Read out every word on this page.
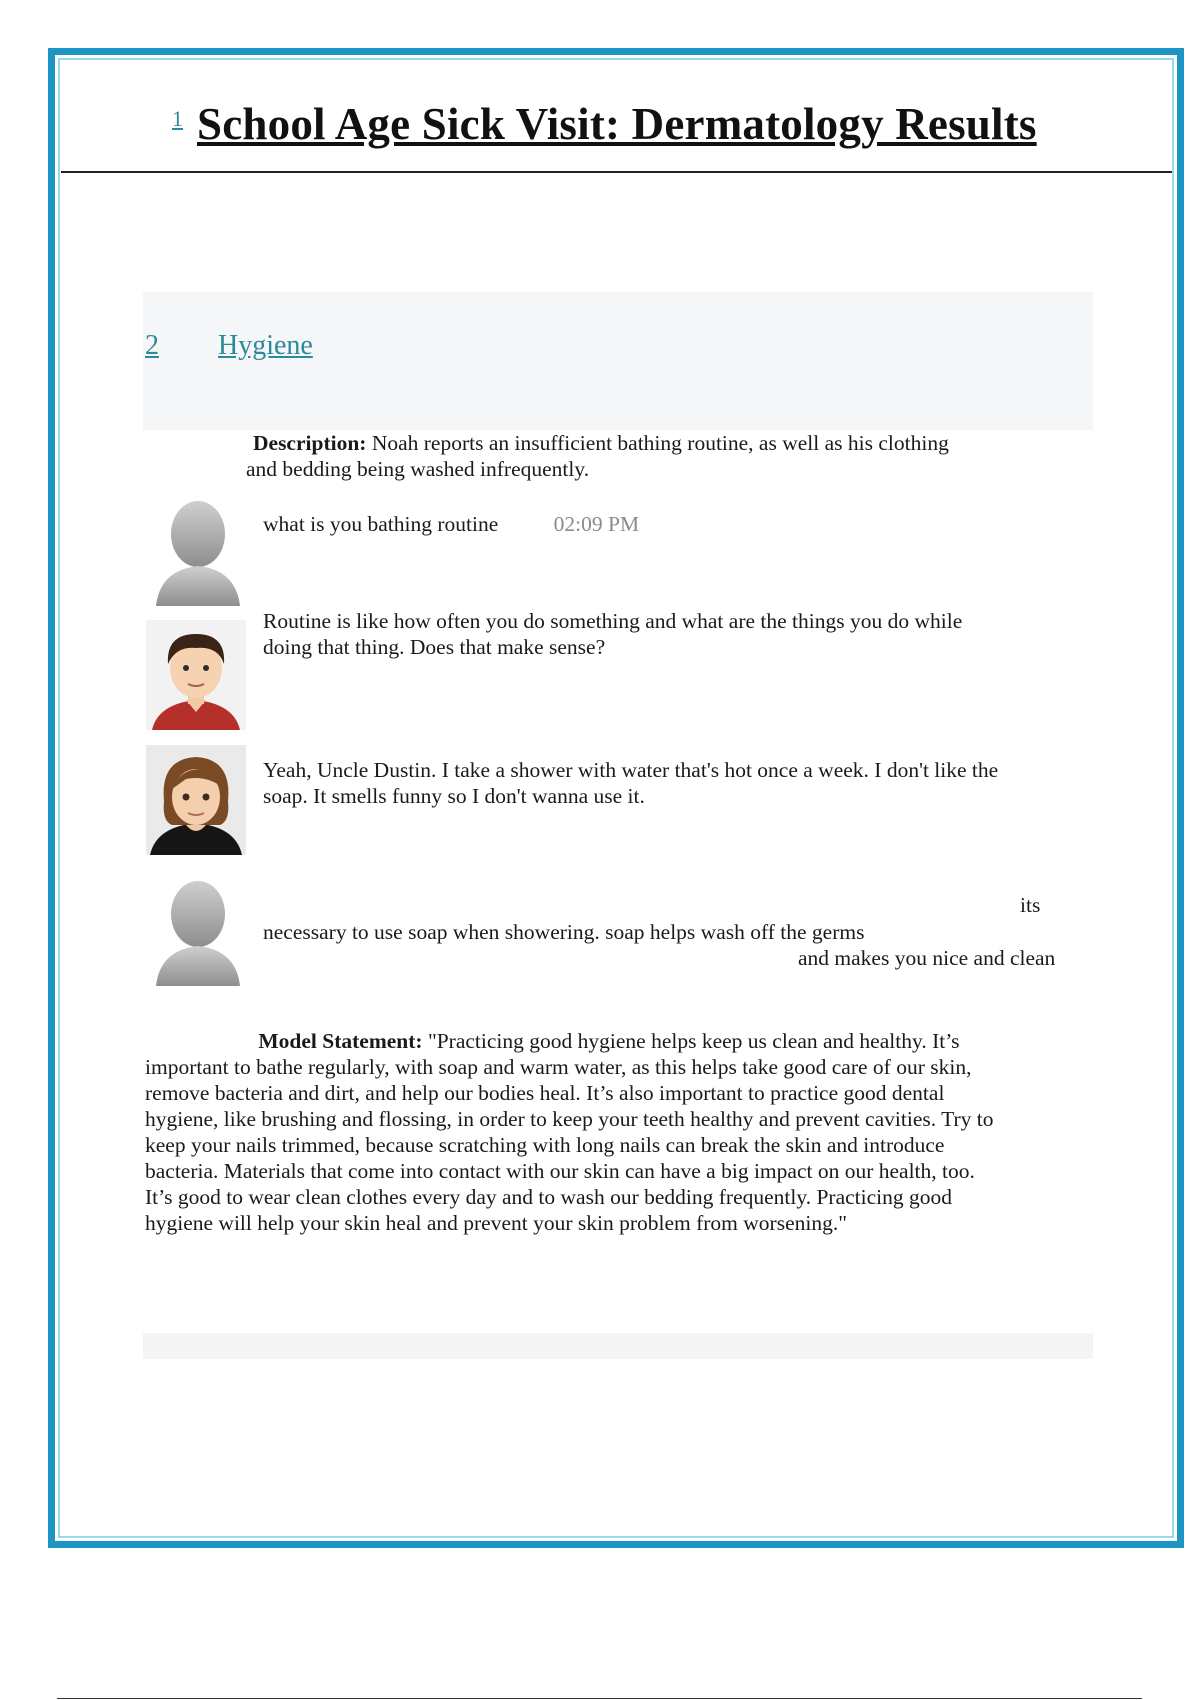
1 School Age Sick Visit: Dermatology Results
2 Hygiene
Description: Noah reports an insufficient bathing routine, as well as his clothing and bedding being washed infrequently.
what is you bathing routine	02:09 PM
Routine is like how often you do something and what are the things you do while doing that thing. Does that make sense?
Yeah, Uncle Dustin. I take a shower with water that's hot once a week. I don't like the soap. It smells funny so I don't wanna use it.
its
necessary to use soap when showering. soap helps wash off the germs
and makes you nice and clean
Model Statement: "Practicing good hygiene helps keep us clean and healthy. It’s important to bathe regularly, with soap and warm water, as this helps take good care of our skin, remove bacteria and dirt, and help our bodies heal. It’s also important to practice good dental hygiene, like brushing and flossing, in order to keep your teeth healthy and prevent cavities. Try to keep your nails trimmed, because scratching with long nails can break the skin and introduce bacteria. Materials that come into contact with our skin can have a big impact on our health, too. It’s good to wear clean clothes every day and to wash our bedding frequently. Practicing good hygiene will help your skin heal and prevent your skin problem from worsening."
